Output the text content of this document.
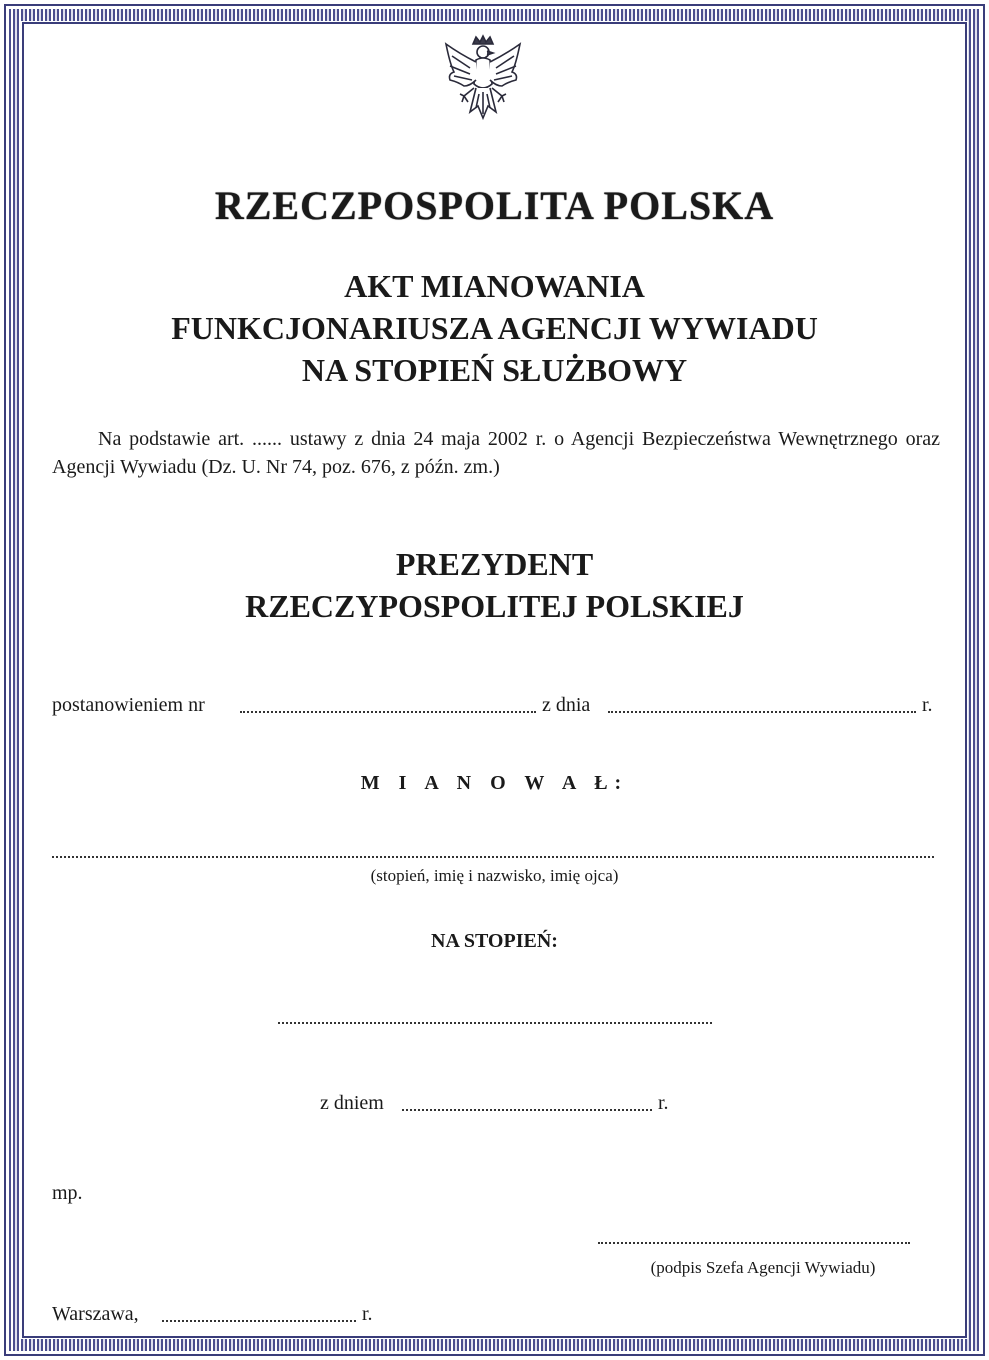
RZECZPOSPOLITA POLSKA
AKT MIANOWANIA
FUNKCJONARIUSZA AGENCJI WYWIADU
NA STOPIEŃ SŁUŻBOWY

Na podstawie art. ...... ustawy z dnia 24 maja 2002 r. o Agencji Bezpieczeństwa Wewnętrznego oraz Agencji Wywiadu (Dz. U. Nr 74, poz. 676, z późn. zm.)

PREZYDENT
RZECZYPOSPOLITEJ POLSKIEJ
postanowieniem nr	z dnia	r.
M I A N O W A Ł:
(stopień, imię i nazwisko, imię ojca)
NA STOPIEŃ:
z dniem	r.
mp.
(podpis Szefa Agencji Wywiadu)
Warszawa,	r.
